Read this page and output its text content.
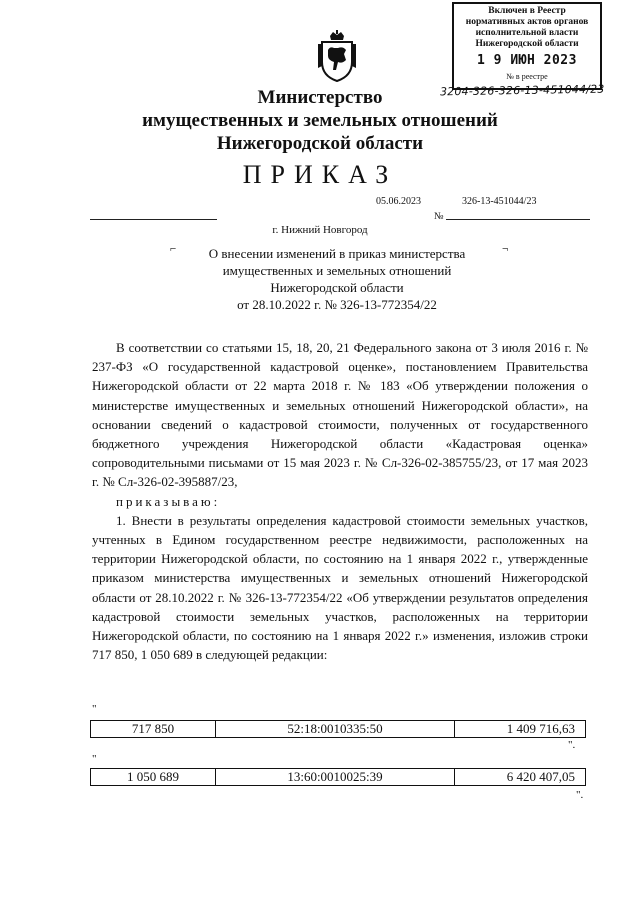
Включен в Реестр
нормативных актов органов
исполнительной власти
Нижегородской области
1 9 ИЮН 2023
№ в реестре
3204-326-326-13-451044/23
Министерство
имущественных и земельных отношений
Нижегородской области
ПРИКАЗ
05.06.2023	326-13-451044/23
№
г. Нижний Новгород
⌐	¬
О внесении изменений в приказ министерства
имущественных и земельных отношений
Нижегородской области
от 28.10.2022 г. № 326-13-772354/22

В соответствии со статьями 15, 18, 20, 21 Федерального закона от 3 июля 2016 г. № 237-ФЗ «О государственной кадастровой оценке», постановлением Правительства Нижегородской области от 22 марта 2018 г. № 183 «Об утверждении положения о министерстве имущественных и земельных отношений Нижегородской области», на основании сведений о кадастровой стоимости, полученных от государственного бюджетного учреждения Нижегородской области «Кадастровая оценка» сопроводительными письмами от 15 мая 2023 г. № Сл-326-02-385755/23, от 17 мая 2023 г. № Сл-326-02-395887/23,

приказываю:

1. Внести в результаты определения кадастровой стоимости земельных участков, учтенных в Едином государственном реестре недвижимости, расположенных на территории Нижегородской области, по состоянию на 1 января 2022 г., утвержденные приказом министерства имущественных и земельных отношений Нижегородской области от 28.10.2022 г. № 326-13-772354/22 «Об утверждении результатов определения кадастровой стоимости земельных участков, расположенных на территории Нижегородской области, по состоянию на 1 января 2022 г.» изменения, изложив строки 717 850, 1 050 689 в следующей редакции:

"
717 850	52:18:0010335:50	1 409 716,63
".
"
1 050 689	13:60:0010025:39	6 420 407,05
".
